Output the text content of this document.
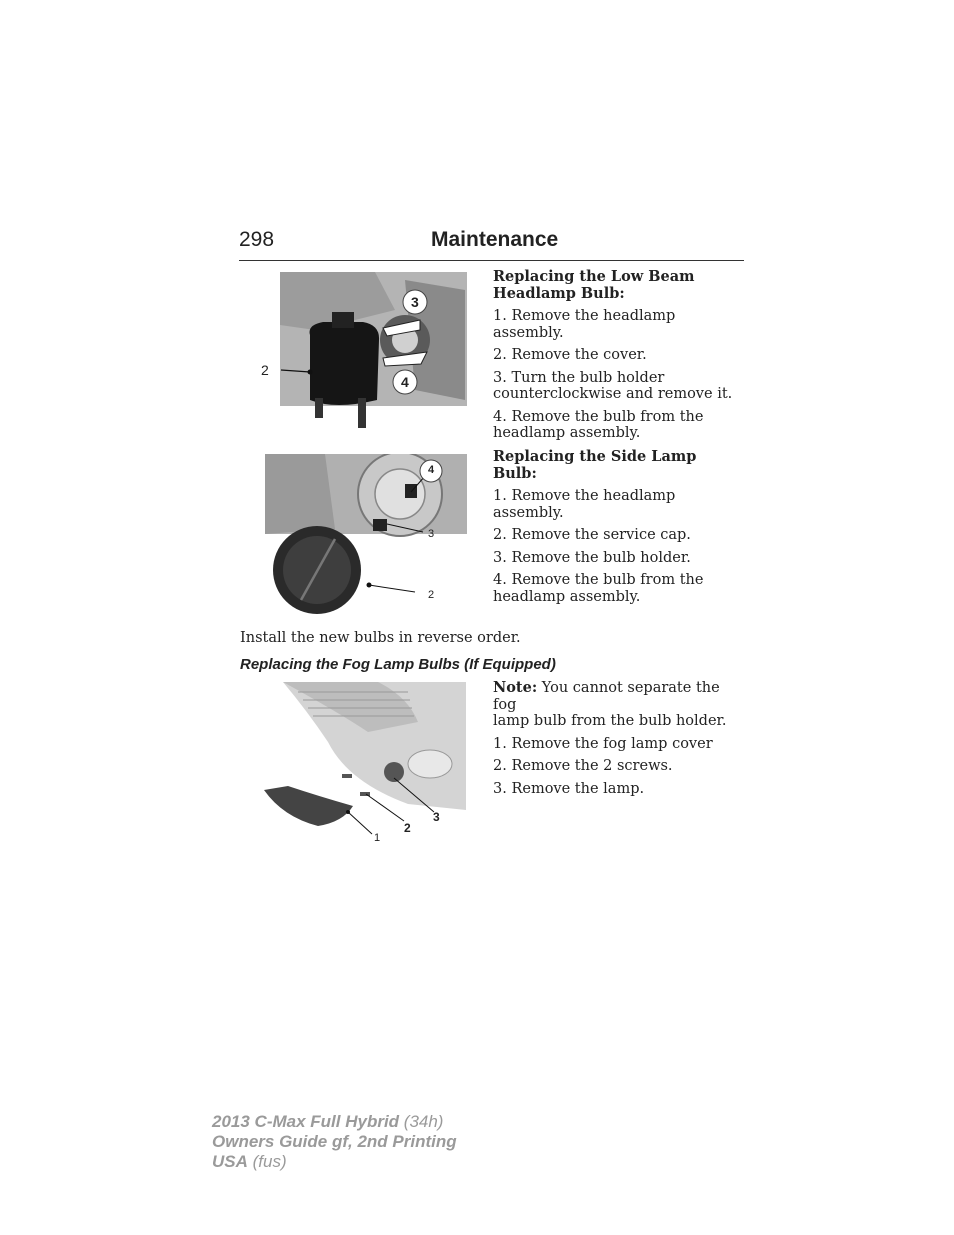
298	Maintenance
2
3
4
Replacing the Low Beam
Headlamp Bulb:
1. Remove the headlamp assembly.
2. Remove the cover.
3. Turn the bulb holder
counterclockwise and remove it.
4. Remove the bulb from the
headlamp assembly.
4
3
2
Replacing the Side Lamp Bulb:
1. Remove the headlamp assembly.
2. Remove the service cap.
3. Remove the bulb holder.
4. Remove the bulb from the
headlamp assembly.
Install the new bulbs in reverse order.
Replacing the Fog Lamp Bulbs (If Equipped)
1
2
3
Note: You cannot separate the fog
lamp bulb from the bulb holder.
1. Remove the fog lamp cover
2. Remove the 2 screws.
3. Remove the lamp.
2013 C-Max Full Hybrid (34h)
Owners Guide gf, 2nd Printing
USA (fus)
